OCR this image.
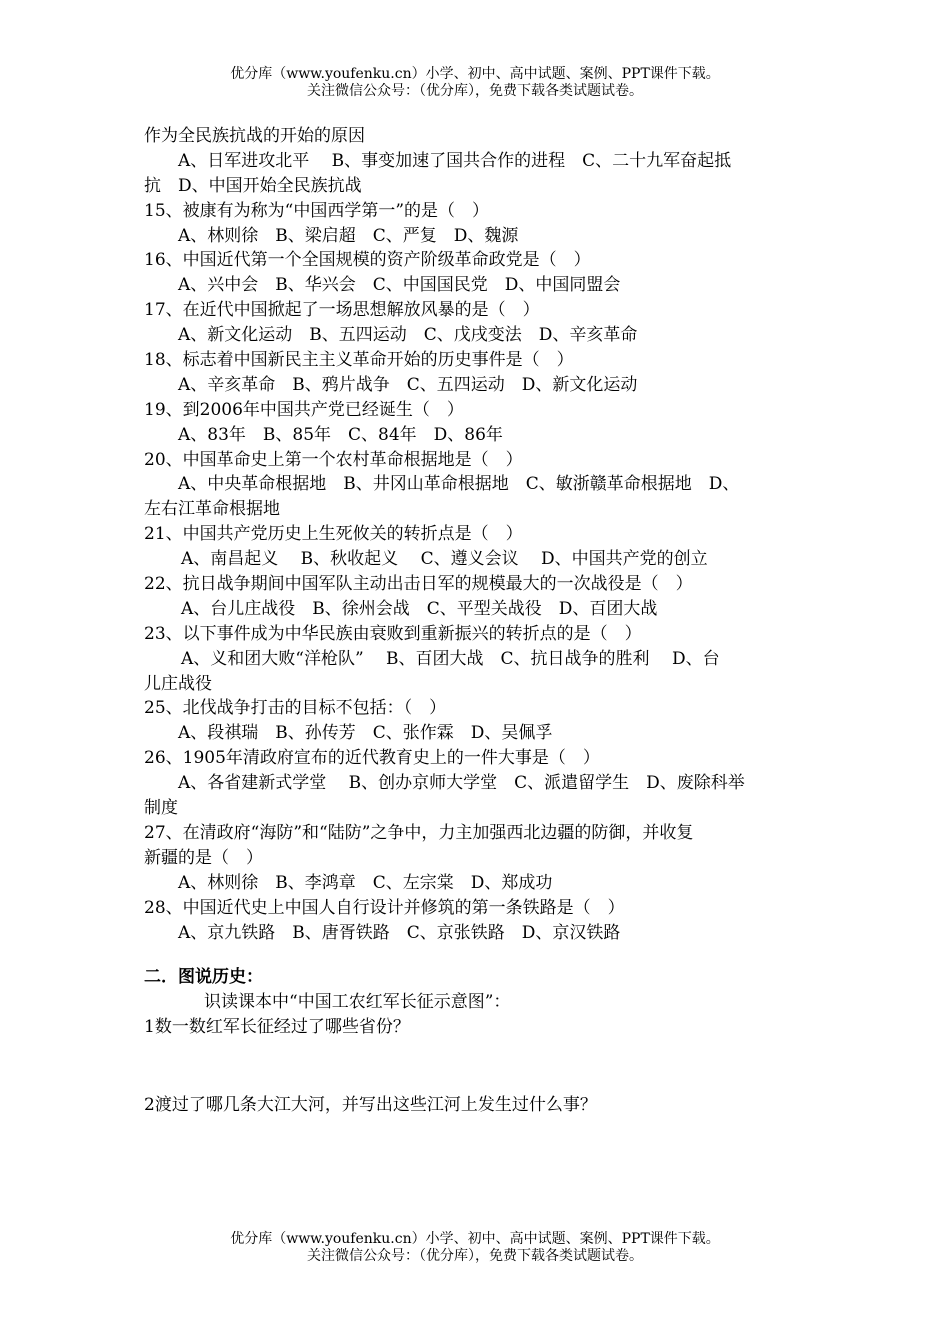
优分库（www.youfenku.cn）小学、初中、高中试题、案例、PPT课件下载。
关注微信公众号：（优分库），免费下载各类试题试卷。
作为全民族抗战的开始的原因
A、日军进攻北平　 B、事变加速了国共合作的进程　C、二十九军奋起抵
抗　D、中国开始全民族抗战
15、被康有为称为“中国西学第一”的是（　）
A、林则徐　B、梁启超　C、严复　D、魏源
16、中国近代第一个全国规模的资产阶级革命政党是（　）
A、兴中会　B、华兴会　C、中国国民党　D、中国同盟会
17、在近代中国掀起了一场思想解放风暴的是（　）
A、新文化运动　B、五四运动　C、戊戌变法　D、辛亥革命
18、标志着中国新民主主义革命开始的历史事件是（　）
A、辛亥革命　B、鸦片战争　C、五四运动　D、新文化运动
19、到2006年中国共产党已经诞生（　）
A、83年　B、85年　C、84年　D、86年
20、中国革命史上第一个农村革命根据地是（　）
A、中央革命根据地　B、井冈山革命根据地　C、敏浙赣革命根据地　D、
左右江革命根据地
21、中国共产党历史上生死攸关的转折点是（　）
A、南昌起义　 B、秋收起义　 C、遵义会议　 D、中国共产党的创立
22、抗日战争期间中国军队主动出击日军的规模最大的一次战役是（　）
A、台儿庄战役　B、徐州会战　C、平型关战役　D、百团大战
23、以下事件成为中华民族由衰败到重新振兴的转折点的是（　）
A、义和团大败“洋枪队”　 B、百团大战　C、抗日战争的胜利　 D、台
儿庄战役
25、北伐战争打击的目标不包括：（　）
A、段祺瑞　B、孙传芳　C、张作霖　D、吴佩孚
26、1905年清政府宣布的近代教育史上的一件大事是（　）
A、各省建新式学堂　 B、创办京师大学堂　C、派遣留学生　D、废除科举
制度
27、在清政府“海防”和“陆防”之争中，力主加强西北边疆的防御，并收复
新疆的是（　）
A、林则徐　B、李鸿章　C、左宗棠　D、郑成功
28、中国近代史上中国人自行设计并修筑的第一条铁路是（　）
A、京九铁路　B、唐胥铁路　C、京张铁路　D、京汉铁路
二．图说历史：
识读课本中“中国工农红军长征示意图”：
1数一数红军长征经过了哪些省份？
2渡过了哪几条大江大河，并写出这些江河上发生过什么事？
优分库（www.youfenku.cn）小学、初中、高中试题、案例、PPT课件下载。
关注微信公众号：（优分库），免费下载各类试题试卷。
